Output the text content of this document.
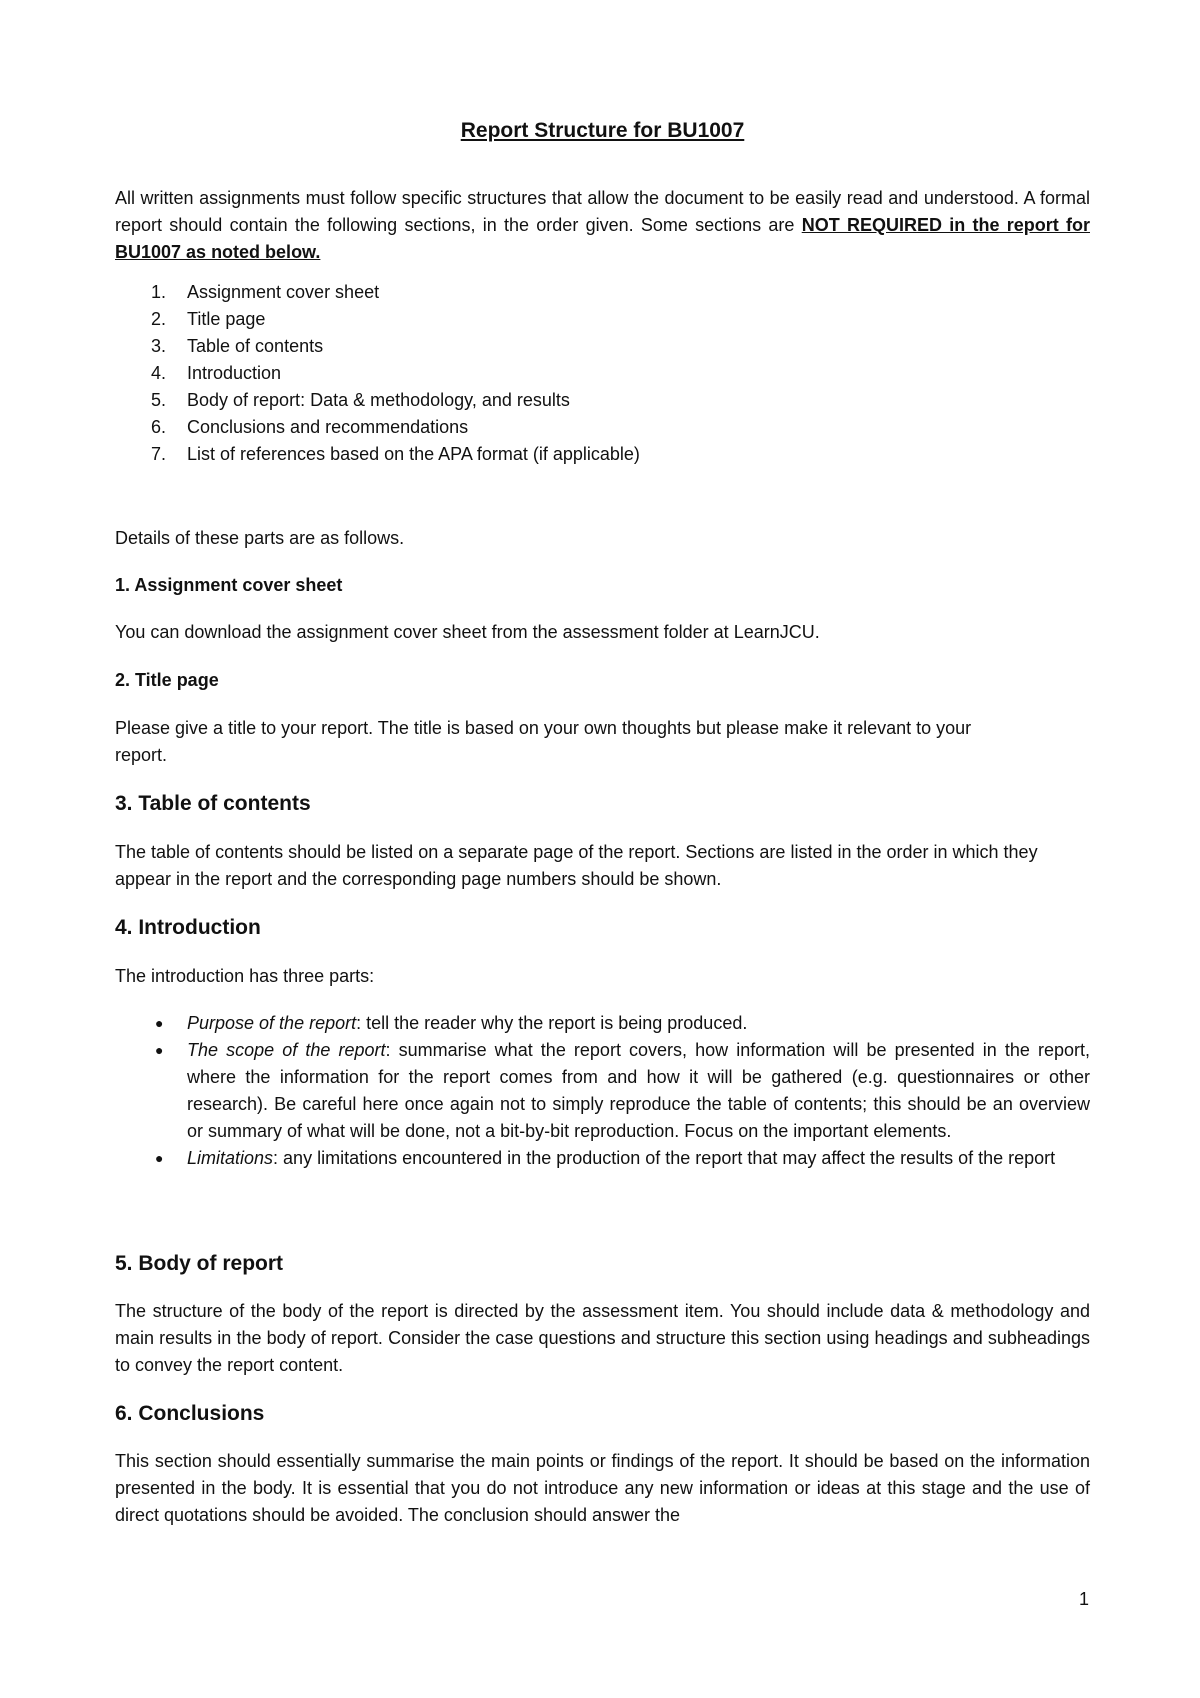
Report Structure for BU1007
All written assignments must follow specific structures that allow the document to be easily read and understood. A formal report should contain the following sections, in the order given. Some sections are NOT REQUIRED in the report for BU1007 as noted below.
1.	Assignment cover sheet
2.	Title page
3.	Table of contents
4.	Introduction
5.	Body of report: Data & methodology, and results
6.	Conclusions and recommendations
7.	List of references based on the APA format (if applicable)
Details of these parts are as follows.
1. Assignment cover sheet
You can download the assignment cover sheet from the assessment folder at LearnJCU.
2. Title page
Please give a title to your report. The title is based on your own thoughts but please make it relevant to your report.
3. Table of contents
The table of contents should be listed on a separate page of the report. Sections are listed in the order in which they appear in the report and the corresponding page numbers should be shown.
4. Introduction
The introduction has three parts:
● Purpose of the report: tell the reader why the report is being produced.
● The scope of the report: summarise what the report covers, how information will be presented in the report, where the information for the report comes from and how it will be gathered (e.g. questionnaires or other research). Be careful here once again not to simply reproduce the table of contents; this should be an overview or summary of what will be done, not a bit-by-bit reproduction. Focus on the important elements.
● Limitations: any limitations encountered in the production of the report that may affect the results of the report
5. Body of report
The structure of the body of the report is directed by the assessment item. You should include data & methodology and main results in the body of report. Consider the case questions and structure this section using headings and subheadings to convey the report content.
6. Conclusions
This section should essentially summarise the main points or findings of the report. It should be based on the information presented in the body. It is essential that you do not introduce any new information or ideas at this stage and the use of direct quotations should be avoided. The conclusion should answer the
1
